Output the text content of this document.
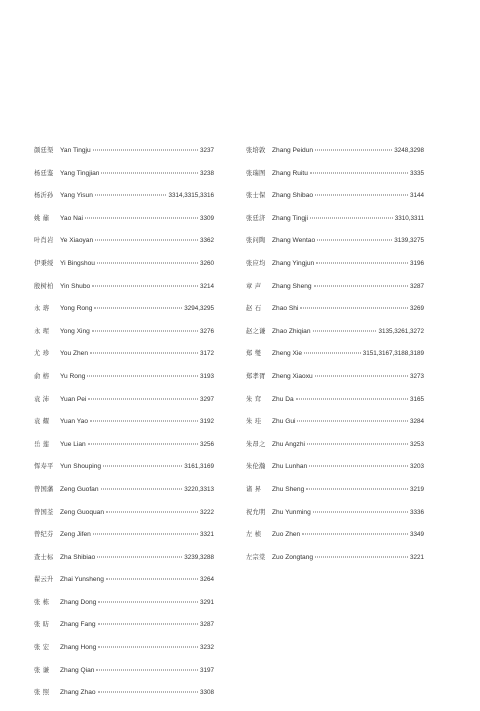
颜廷渠 Yan Tingju	3237
杨廷鉴 Yang Tingjian	3238
杨沂孙 Yang Yisun	3314,3315,3316
姚 鼐	Yao Nai	3309
叶肖岩 Ye Xiaoyan	3362
伊秉绶 Yi Bingshou	3260
殷树柏 Yin Shubo	3214
永 瑢	Yong Rong	3294,3295
永 瑆	Yong Xing	3276
尤 珍	You Zhen	3172
俞 榕	Yu Rong	3193
袁 沛	Yuan Pei	3297
袁 耀	Yuan Yao	3192
岳 莲	Yue Lian	3256
恽寿平 Yun Shouping	3161,3169
曾国藩 Zeng Guofan	3220,3313
曾国荃 Zeng Guoquan	3222
曾纪芬 Zeng Jifen	3321
查士标 Zha Shibiao	3239,3288
翟云升 Zhai Yunsheng	3264
张 栋	Zhang Dong	3291
张 昉	Zhang Fang	3287
张 宏	Zhang Hong	3232
张 谦	Zhang Qian	3197
张 照	Zhang Zhao	3308
张培敦 Zhang Peidun	3248,3298
张瑞图 Zhang Ruitu	3335
张士保 Zhang Shibao	3144
张廷济 Zhang Tingji	3310,3311
张问陶 Zhang Wentao	3139,3275
张应均 Zhang Yingjun	3196
章 声	Zhang Sheng	3287
赵 石	Zhao Shi	3269
赵之谦 Zhao Zhiqian	3135,3261,3272
郑 燮	Zheng Xie	3151,3167,3188,3189
郑孝胥 Zheng Xiaoxu	3273
朱 耷	Zhu Da	3165
朱 珪	Zhu Gui	3284
朱昂之 Zhu Angzhi	3253
朱伦瀚 Zhu Lunhan	3203
诸 昇	Zhu Sheng	3219
祝允明 Zhu Yunming	3336
左 桢	Zuo Zhen	3349
左宗棠 Zuo Zongtang	3221
